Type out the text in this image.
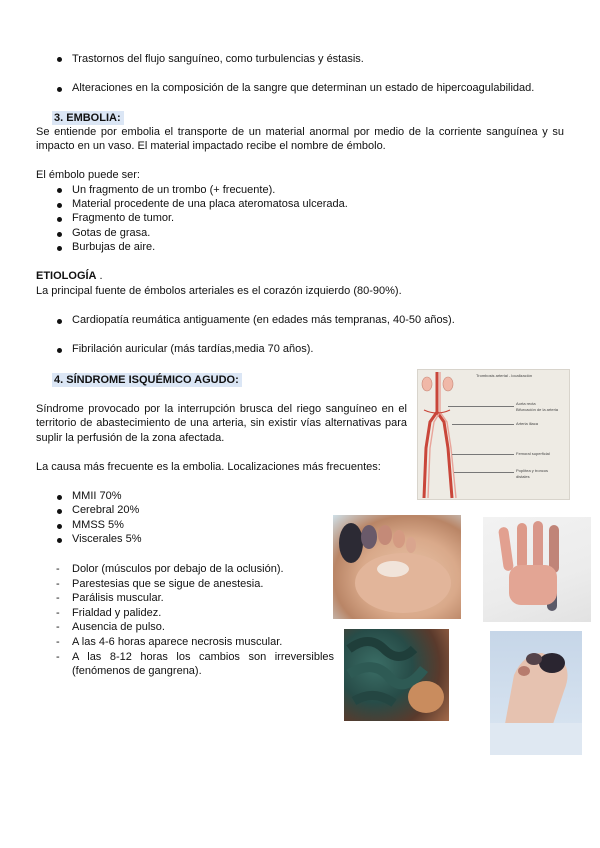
Trastornos del flujo sanguíneo, como turbulencias y éstasis.
Alteraciones en la composición de la sangre que determinan un estado de hipercoagulabilidad.
3. EMBOLIA:
Se entiende por embolia el transporte de un material anormal por medio de la corriente sanguínea y su
impacto en un vaso. El material impactado recibe el nombre de émbolo.
El émbolo puede ser:
Un fragmento de un trombo (+ frecuente).
Material procedente de una placa ateromatosa ulcerada.
Fragmento de tumor.
Gotas de grasa.
Burbujas de aire.
ETIOLOGÍA .
La principal fuente de émbolos arteriales es el corazón izquierdo (80-90%).
Cardiopatía reumática antiguamente (en edades más tempranas, 40-50 años).
Fibrilación auricular (más tardías,media 70 años).
4. SÍNDROME ISQUÉMICO AGUDO:
Síndrome provocado por la interrupción brusca del riego sanguíneo en el
territorio de abastecimiento de una arteria, sin existir vías alternativas para
suplir la perfusión de la zona afectada.
La causa más frecuente es la embolia. Localizaciones más frecuentes:
MMII 70%
Cerebral 20%
MMSS 5%
Viscerales 5%
- Dolor (músculos por debajo de la oclusión).
- Parestesias que se sigue de anestesia.
- Parálisis muscular.
- Frialdad y palidez.
- Ausencia de pulso.
- A las 4-6 horas aparece necrosis muscular.
- A las 8-12 horas los cambios son irreversibles
(fenómenos de gangrena).
Trombosis arterial - localización
Aorta recta
Bifurcación de la arteria
Arteria iliaca
Femoral superficial
Poplítea y troncos
distales
